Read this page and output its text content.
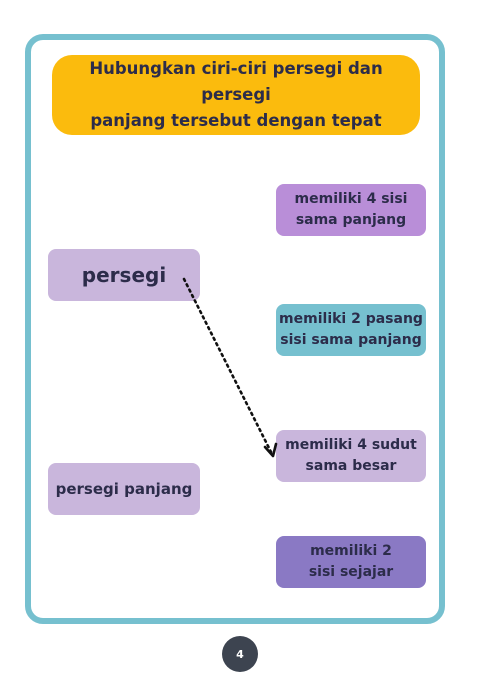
Hubungkan ciri-ciri persegi dan persegi
panjang tersebut dengan tepat
persegi
persegi panjang
memiliki 4 sisi
sama panjang
memiliki 2 pasang
sisi sama panjang
memiliki 4 sudut
sama besar
memiliki 2
sisi sejajar
4
